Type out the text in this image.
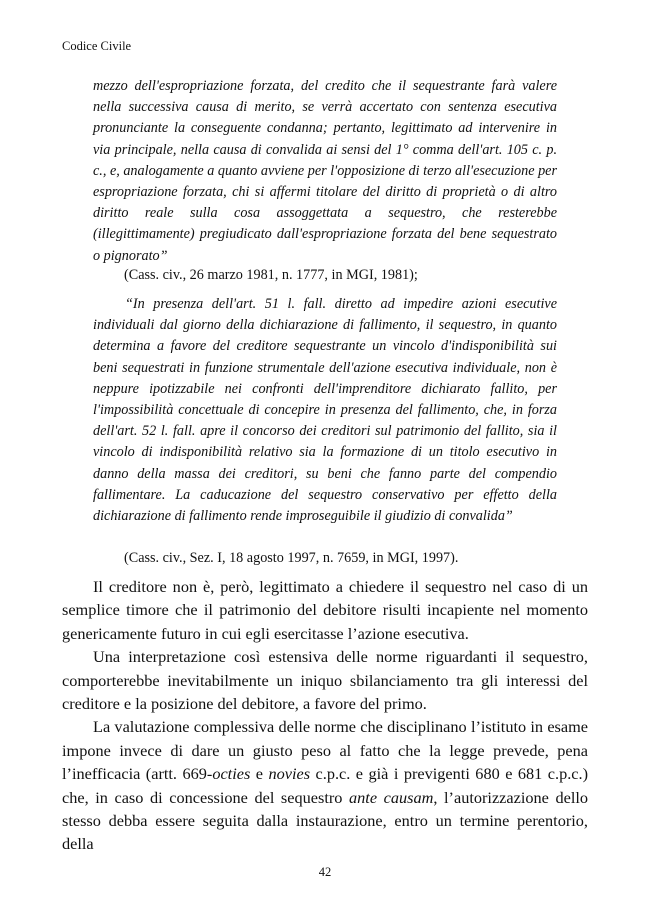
Codice Civile

mezzo dell'espropriazione forzata, del credito che il sequestrante farà valere nella successiva causa di merito, se verrà accertato con sentenza esecutiva pronunciante la conseguente condanna; pertanto, legittimato ad intervenire in via principale, nella causa di convalida ai sensi del 1° comma dell'art. 105 c. p. c., e, analogamente a quanto avviene per l'opposizione di terzo all'esecuzione per espropriazione forzata, chi si affermi titolare del diritto di proprietà o di altro diritto reale sulla cosa assoggettata a sequestro, che resterebbe (illegittimamente) pregiudicato dall'espropriazione forzata del bene sequestrato o pignorato”

(Cass. civ., 26 marzo 1981, n. 1777, in MGI, 1981);

“In presenza dell'art. 51 l. fall. diretto ad impedire azioni esecutive individuali dal giorno della dichiarazione di fallimento, il sequestro, in quanto determina a favore del creditore sequestrante un vincolo d'indisponibilità sui beni sequestrati in funzione strumentale dell'azione esecutiva individuale, non è neppure ipotizzabile nei confronti dell'imprenditore dichiarato fallito, per l'impossibilità concettuale di concepire in presenza del fallimento, che, in forza dell'art. 52 l. fall. apre il concorso dei creditori sul patrimonio del fallito, sia il vincolo di indisponibilità relativo sia la formazione di un titolo esecutivo in danno della massa dei creditori, su beni che fanno parte del compendio fallimentare. La caducazione del sequestro conservativo per effetto della dichiarazione di fallimento rende improseguibile il giudizio di convalida”

(Cass. civ., Sez. I, 18 agosto 1997, n. 7659, in MGI, 1997).

Il creditore non è, però, legittimato a chiedere il sequestro nel caso di un semplice timore che il patrimonio del debitore risulti incapiente nel momento genericamente futuro in cui egli esercitasse l’azione esecutiva.

Una interpretazione così estensiva delle norme riguardanti il sequestro, comporterebbe inevitabilmente un iniquo sbilanciamento tra gli interessi del creditore e la posizione del debitore, a favore del primo.

La valutazione complessiva delle norme che disciplinano l’istituto in esame impone invece di dare un giusto peso al fatto che la legge prevede, pena l’inefficacia (artt. 669-octies e novies c.p.c. e già i previgenti 680 e 681 c.p.c.) che, in caso di concessione del sequestro ante causam, l’autorizzazione dello stesso debba essere seguita dalla instaurazione, entro un termine perentorio, della

42
